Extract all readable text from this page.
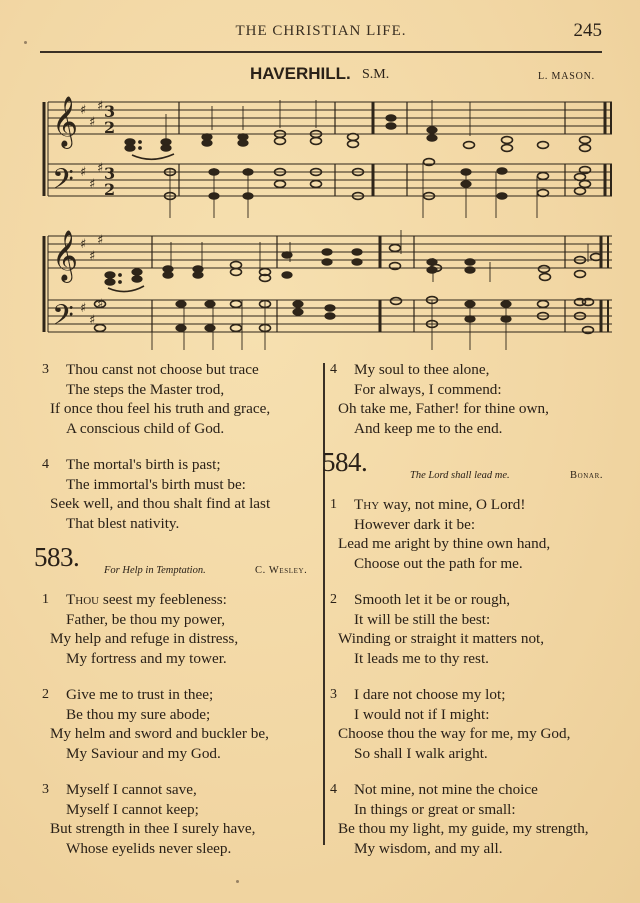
THE CHRISTIAN LIFE.	245
HAVERHILL. S.M.	L. MASON.
𝄞
𝄢
♯
♯
♯
♯
♯
♯
3
2
3
2
𝄞
𝄢
♯
♯
♯
♯
♯
♯
3	Thou canst not choose but trace
The steps the Master trod,
If once thou feel his truth and grace,
A conscious child of God.
4	The mortal's birth is past;
The immortal's birth must be:
Seek well, and thou shalt find at last
That blest nativity.
583. For Help in Temptation.	C. Wesley.
1	Thou seest my feebleness:
Father, be thou my power,
My help and refuge in distress,
My fortress and my tower.
2	Give me to trust in thee;
Be thou my sure abode;
My helm and sword and buckler be,
My Saviour and my God.
3	Myself I cannot save,
Myself I cannot keep;
But strength in thee I surely have,
Whose eyelids never sleep.
4	My soul to thee alone,
For always, I commend:
Oh take me, Father! for thine own,
And keep me to the end.
584.	The Lord shall lead me.	Bonar.
1	Thy way, not mine, O Lord!
However dark it be:
Lead me aright by thine own hand,
Choose out the path for me.
2	Smooth let it be or rough,
It will be still the best:
Winding or straight it matters not,
It leads me to thy rest.
3	I dare not choose my lot;
I would not if I might:
Choose thou the way for me, my God,
So shall I walk aright.
4	Not mine, not mine the choice
In things or great or small:
Be thou my light, my guide, my strength,
My wisdom, and my all.
